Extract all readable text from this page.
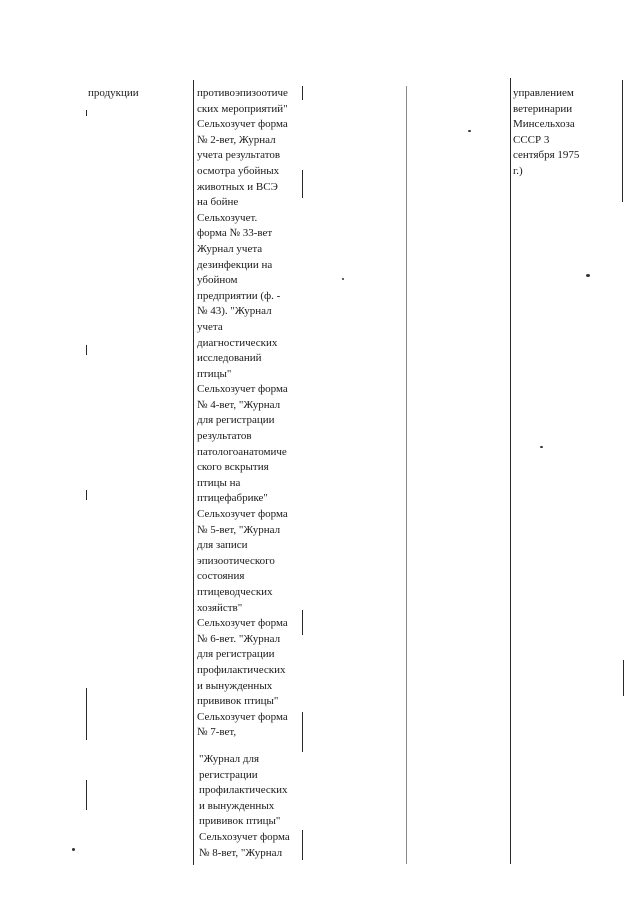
продукции	противоэпизоотиче
ских мероприятий"
Сельхозучет форма
№ 2-вет, Журнал
учета результатов
осмотра убойных
животных и ВСЭ
на бойне
Сельхозучет.
форма № 33-вет
Журнал учета
дезинфекции на
убойном
предприятии (ф. -
№ 43). "Журнал
учета
диагностических
исследований
птицы"
Сельхозучет форма
№ 4-вет, "Журнал
для регистрации
результатов
патологоанатомиче
ского вскрытия
птицы на
птицефабрике"
Сельхозучет форма
№ 5-вет, "Журнал
для записи
эпизоотического
состояния
птицеводческих
хозяйств"
Сельхозучет форма
№ 6-вет. "Журнал
для регистрации
профилактических
и вынужденных
прививок птицы"
Сельхозучет форма
№ 7-вет,
"Журнал для
регистрации
профилактических
и вынужденных
прививок птицы"
Сельхозучет форма
№ 8-вет, "Журнал
управлением
ветеринарии
Минсельхоза
СССР 3
сентября 1975
г.)
